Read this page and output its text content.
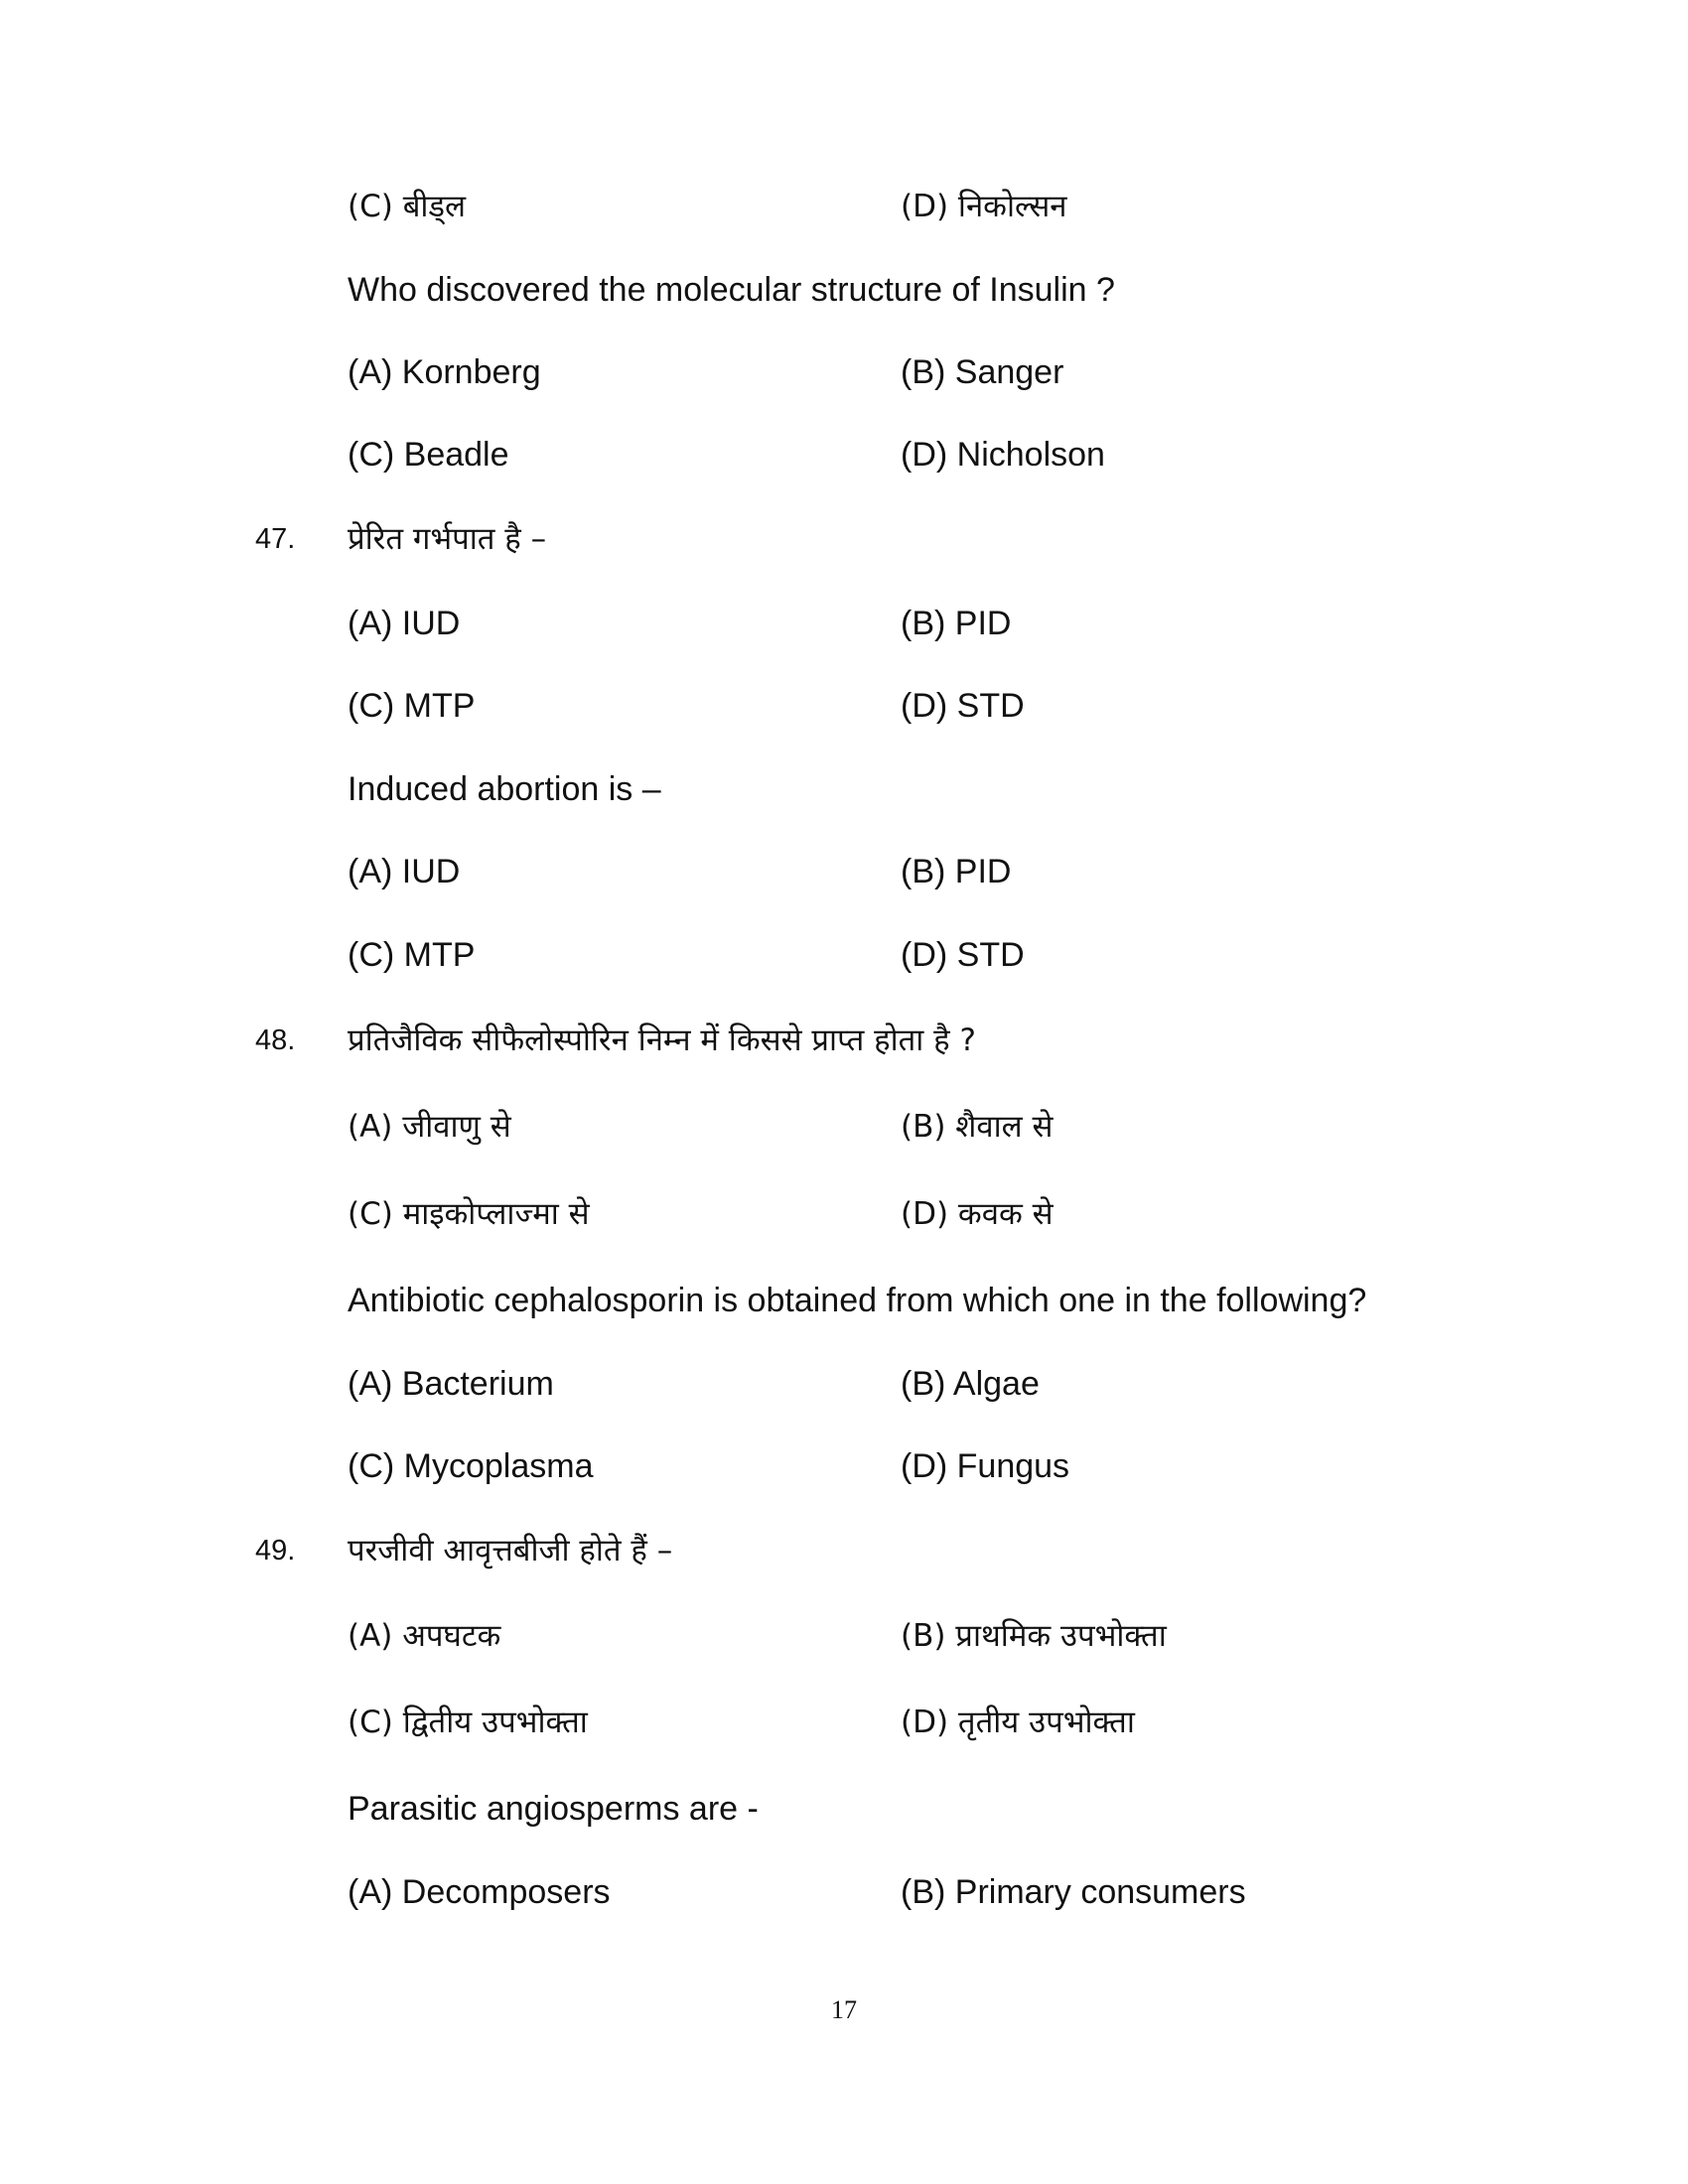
(C) बीड्ल	(D) निकोल्सन
Who discovered the molecular structure of Insulin ?
(A) Kornberg	(B) Sanger
(C) Beadle	(D) Nicholson
47. प्रेरित गर्भपात है –
(A) IUD	(B) PID
(C) MTP	(D) STD
Induced abortion is –
(A) IUD	(B) PID
(C) MTP	(D) STD
48. प्रतिजैविक सीफैलोस्पोरिन निम्न में किससे प्राप्त होता है ?
(A) जीवाणु से	(B) शैवाल से
(C) माइकोप्लाज्मा से	(D) कवक से
Antibiotic cephalosporin is obtained from which one in the following?
(A) Bacterium	(B) Algae
(C) Mycoplasma	(D) Fungus
49. परजीवी आवृत्तबीजी होते हैं –
(A) अपघटक	(B) प्राथमिक उपभोक्ता
(C) द्वितीय उपभोक्ता	(D) तृतीय उपभोक्ता
Parasitic angiosperms are -
(A) Decomposers	(B) Primary consumers
17
